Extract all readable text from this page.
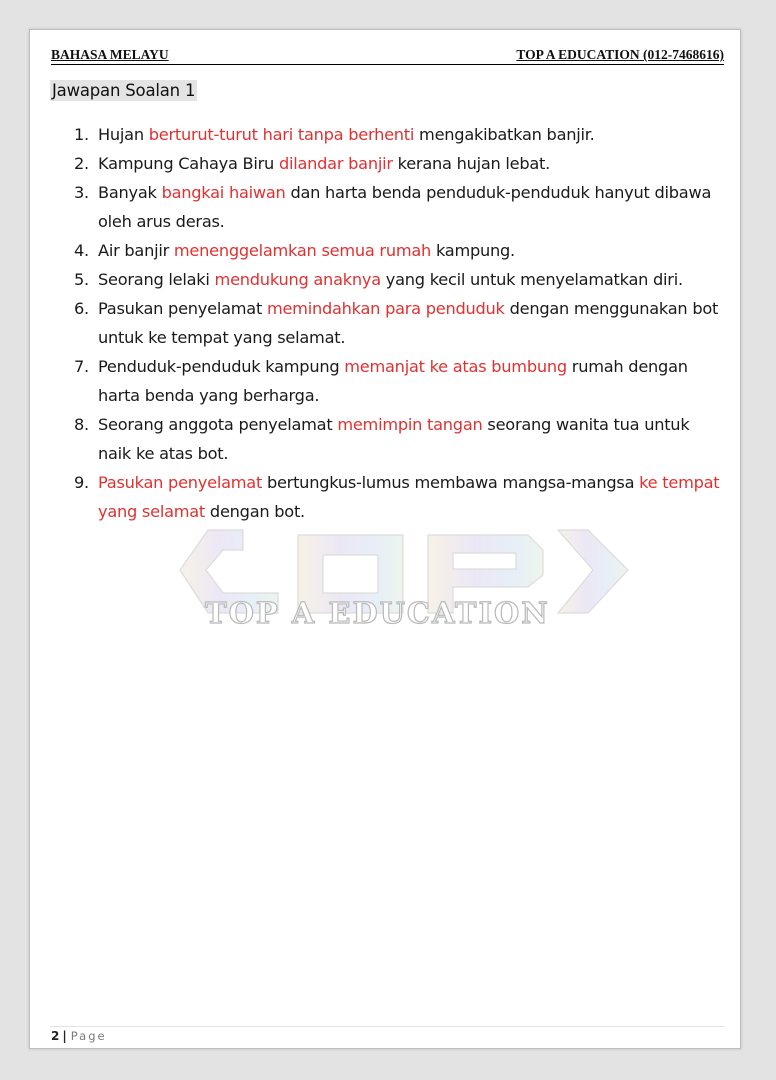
BAHASA MELAYU	TOP A EDUCATION (012-7468616)
Jawapan Soalan 1
TOP A EDUCATION
1. Hujan berturut-turut hari tanpa berhenti mengakibatkan banjir.
2. Kampung Cahaya Biru dilandar banjir kerana hujan lebat.
3. Banyak bangkai haiwan dan harta benda penduduk-penduduk hanyut dibawa oleh arus deras.
4. Air banjir menenggelamkan semua rumah kampung.
5. Seorang lelaki mendukung anaknya yang kecil untuk menyelamatkan diri.
6. Pasukan penyelamat memindahkan para penduduk dengan menggunakan bot untuk ke tempat yang selamat.
7. Penduduk-penduduk kampung memanjat ke atas bumbung rumah dengan harta benda yang berharga.
8. Seorang anggota penyelamat memimpin tangan seorang wanita tua untuk naik ke atas bot.
9. Pasukan penyelamat bertungkus-lumus membawa mangsa-mangsa ke tempat yang selamat dengan bot.
2 | Page
